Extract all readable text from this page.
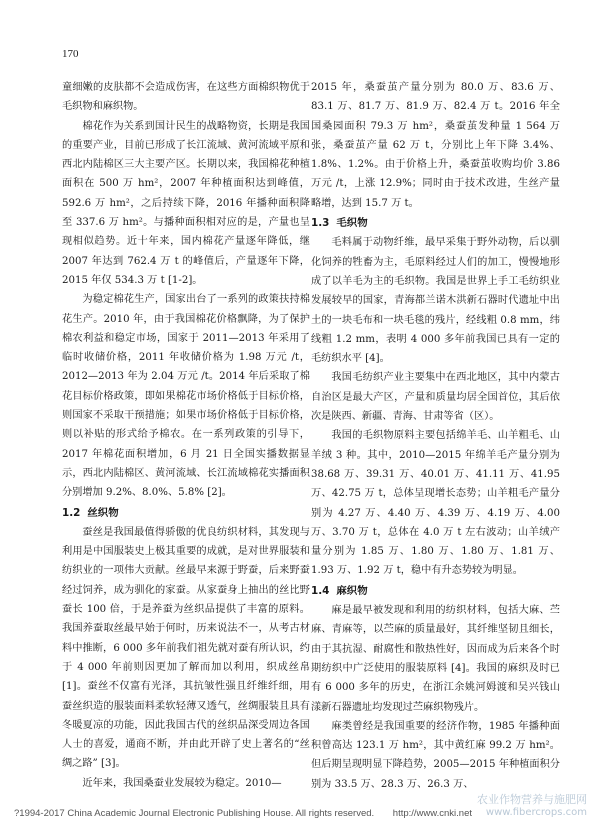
170

童细嫩的皮肤都不会造成伤害，在这些方面棉织物优于毛织物和麻织物。

棉花作为关系到国计民生的战略物资，长期是我国的重要产业，目前已形成了长江流域、黄河流域平原和西北内陆棉区三大主要产区。长期以来，我国棉花种植面积在 500 万 hm²，2007 年种植面积达到峰值，592.6 万 hm²，之后持续下降，2016 年播种面积降至 337.6 万 hm²。与播种面积相对应的是，产量也呈现相似趋势。近十年来，国内棉花产量逐年降低，继 2007 年达到 762.4 万 t 的峰值后，产量逐年下降，2015 年仅 534.3 万 t [1-2]。

为稳定棉花生产，国家出台了一系列的政策扶持棉花生产。2010 年，由于我国棉花价格飘降，为了保护棉农利益和稳定市场，国家于 2011—2013 年采用了临时收储价格，2011 年收储价格为 1.98 万元 /t，2012—2013 年为 2.04 万元 /t。2014 年后采取了棉花目标价格政策，即如果棉花市场价格低于目标价格，则国家不采取干预措施；如果市场价格低于目标价格，则以补贴的形式给予棉农。在一系列政策的引导下，2017 年棉花面积增加，6 月 21 日全国实播数据显示，西北内陆棉区、黄河流域、长江流域棉花实播面积分别增加 9.2%、8.0%、5.8% [2]。

1.2 丝织物

蚕丝是我国最值得骄傲的优良纺织材料，其发现与利用是中国服装史上极其重要的成就，是对世界服装和纺织业的一项伟大贡献。丝最早来源于野蚕，后来野蚕经过饲养，成为驯化的家蚕。从家蚕身上抽出的丝比野蚕长 100 倍，于是养蚕为丝织品提供了丰富的原料。我国养蚕取丝最早始于何时，历来说法不一，从考古材料中推断，6 000 多年前我们祖先就对蚕有所认识，约于 4 000 年前则因更加了解而加以利用，织成丝帛 [1]。蚕丝不仅富有光泽，其抗皱性强且纤维纤细，用蚕丝织造的服装面料柔软轻薄又透气，丝绸服装且具有冬暖夏凉的功能，因此我国古代的丝织品深受周边各国人士的喜爱，通商不断，并由此开辟了史上著名的“丝绸之路” [3]。

近年来，我国桑蚕业发展较为稳定。2010—

2015 年，桑蚕茧产量分别为 80.0 万、83.6 万、83.1 万、81.7 万、81.9 万、82.4 万 t。2016 年全国桑园面积 79.3 万 hm²，桑蚕茧发种量 1 564 万张，桑蚕茧产量 62 万 t，分别比上年下降 3.4%、1.8%、1.2%。由于价格上升，桑蚕茧收购均价 3.86 万元 /t，上涨 12.9%；同时由于技术改进，生丝产量略增，达到 15.7 万 t。

1.3 毛织物

毛料属于动物纤维，最早采集于野外动物，后以驯化饲养的牲畜为主，毛原料经过人们的加工，慢慢地形成了以羊毛为主的毛织物。我国是世界上手工毛纺织业发展较早的国家，青海都兰诺木洪新石器时代遗址中出土的一块毛布和一块毛毯的残片，经线粗 0.8 mm，纬线粗 1.2 mm，表明 4 000 多年前我国已具有一定的毛纺织水平 [4]。

我国毛纺织产业主要集中在西北地区，其中内蒙古自治区是最大产区，产量和质量均居全国首位，其后依次是陕西、新疆、青海、甘肃等省（区）。

我国的毛织物原料主要包括绵羊毛、山羊粗毛、山羊绒 3 种。其中，2010—2015 年绵羊毛产量分别为 38.68 万、39.31 万、40.01 万、41.11 万、41.95 万、42.75 万 t，总体呈现增长态势；山羊粗毛产量分别为 4.27 万、4.40 万、4.39 万、4.19 万、4.00 万、3.70 万 t，总体在 4.0 万 t 左右波动；山羊绒产量分别为 1.85 万、1.80 万、1.80 万、1.81 万、1.93 万、1.92 万 t，稳中有升态势较为明显。

1.4 麻织物

麻是最早被发现和利用的纺织材料，包括大麻、苎麻、青麻等，以苎麻的质量最好，其纤维坚韧且细长，由于其抗湿、耐腐性和散热性好，因而成为后来各个时期纺织中广泛使用的服装原料 [4]。我国的麻织及时已有 6 000 多年的历史，在浙江余姚河姆渡和吴兴钱山漾新石器遗址均发现过苎麻织物残片。

麻类曾经是我国重要的经济作物，1985 年播种面积曾高达 123.1 万 hm²，其中黄红麻 99.2 万 hm²。但后期呈现明显下降趋势，2005—2015 年种植面积分别为 33.5 万、28.3 万、26.3 万、

?1994-2017 China Academic Journal Electronic Publishing House. All rights reserved. http://www.cnki.net
农业作物营养与施肥网
www.fibercrops.com
